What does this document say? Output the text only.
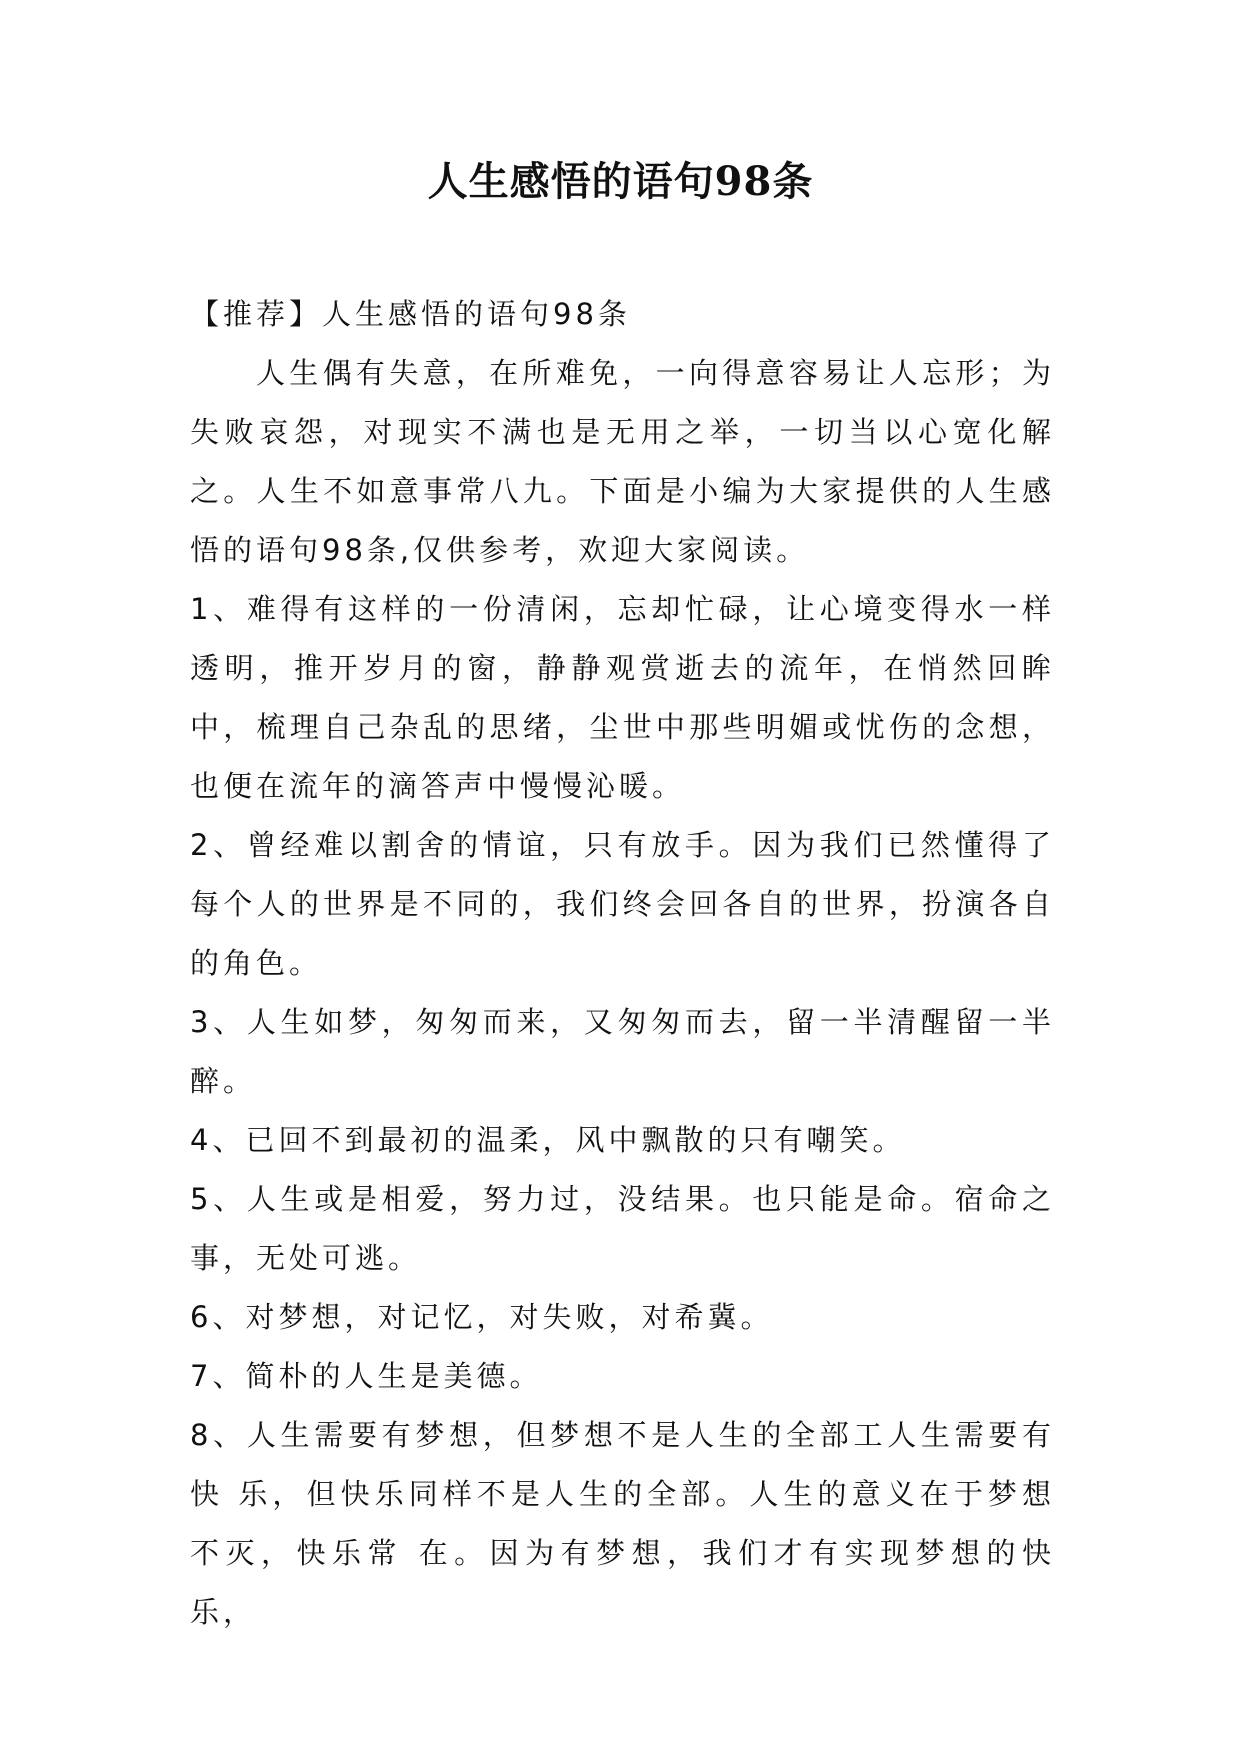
人生感悟的语句98条

【推荐】人生感悟的语句98条

人生偶有失意，在所难免，一向得意容易让人忘形；为失败哀怨，对现实不满也是无用之举，一切当以心宽化解之。人生不如意事常八九。下面是小编为大家提供的人生感悟的语句98条,仅供参考，欢迎大家阅读。

1、难得有这样的一份清闲，忘却忙碌，让心境变得水一样透明，推开岁月的窗，静静观赏逝去的流年，在悄然回眸中，梳理自己杂乱的思绪，尘世中那些明媚或忧伤的念想，也便在流年的滴答声中慢慢沁暖。

2、曾经难以割舍的情谊，只有放手。因为我们已然懂得了每个人的世界是不同的，我们终会回各自的世界，扮演各自的角色。

3、人生如梦，匆匆而来，又匆匆而去，留一半清醒留一半醉。

4、已回不到最初的温柔，风中飘散的只有嘲笑。

5、人生或是相爱，努力过，没结果。也只能是命。宿命之事，无处可逃。

6、对梦想，对记忆，对失败，对希冀。

7、简朴的人生是美德。

8、人生需要有梦想，但梦想不是人生的全部工人生需要有快 乐，但快乐同样不是人生的全部。人生的意义在于梦想不灭，快乐常 在。因为有梦想，我们才有实现梦想的快乐，
